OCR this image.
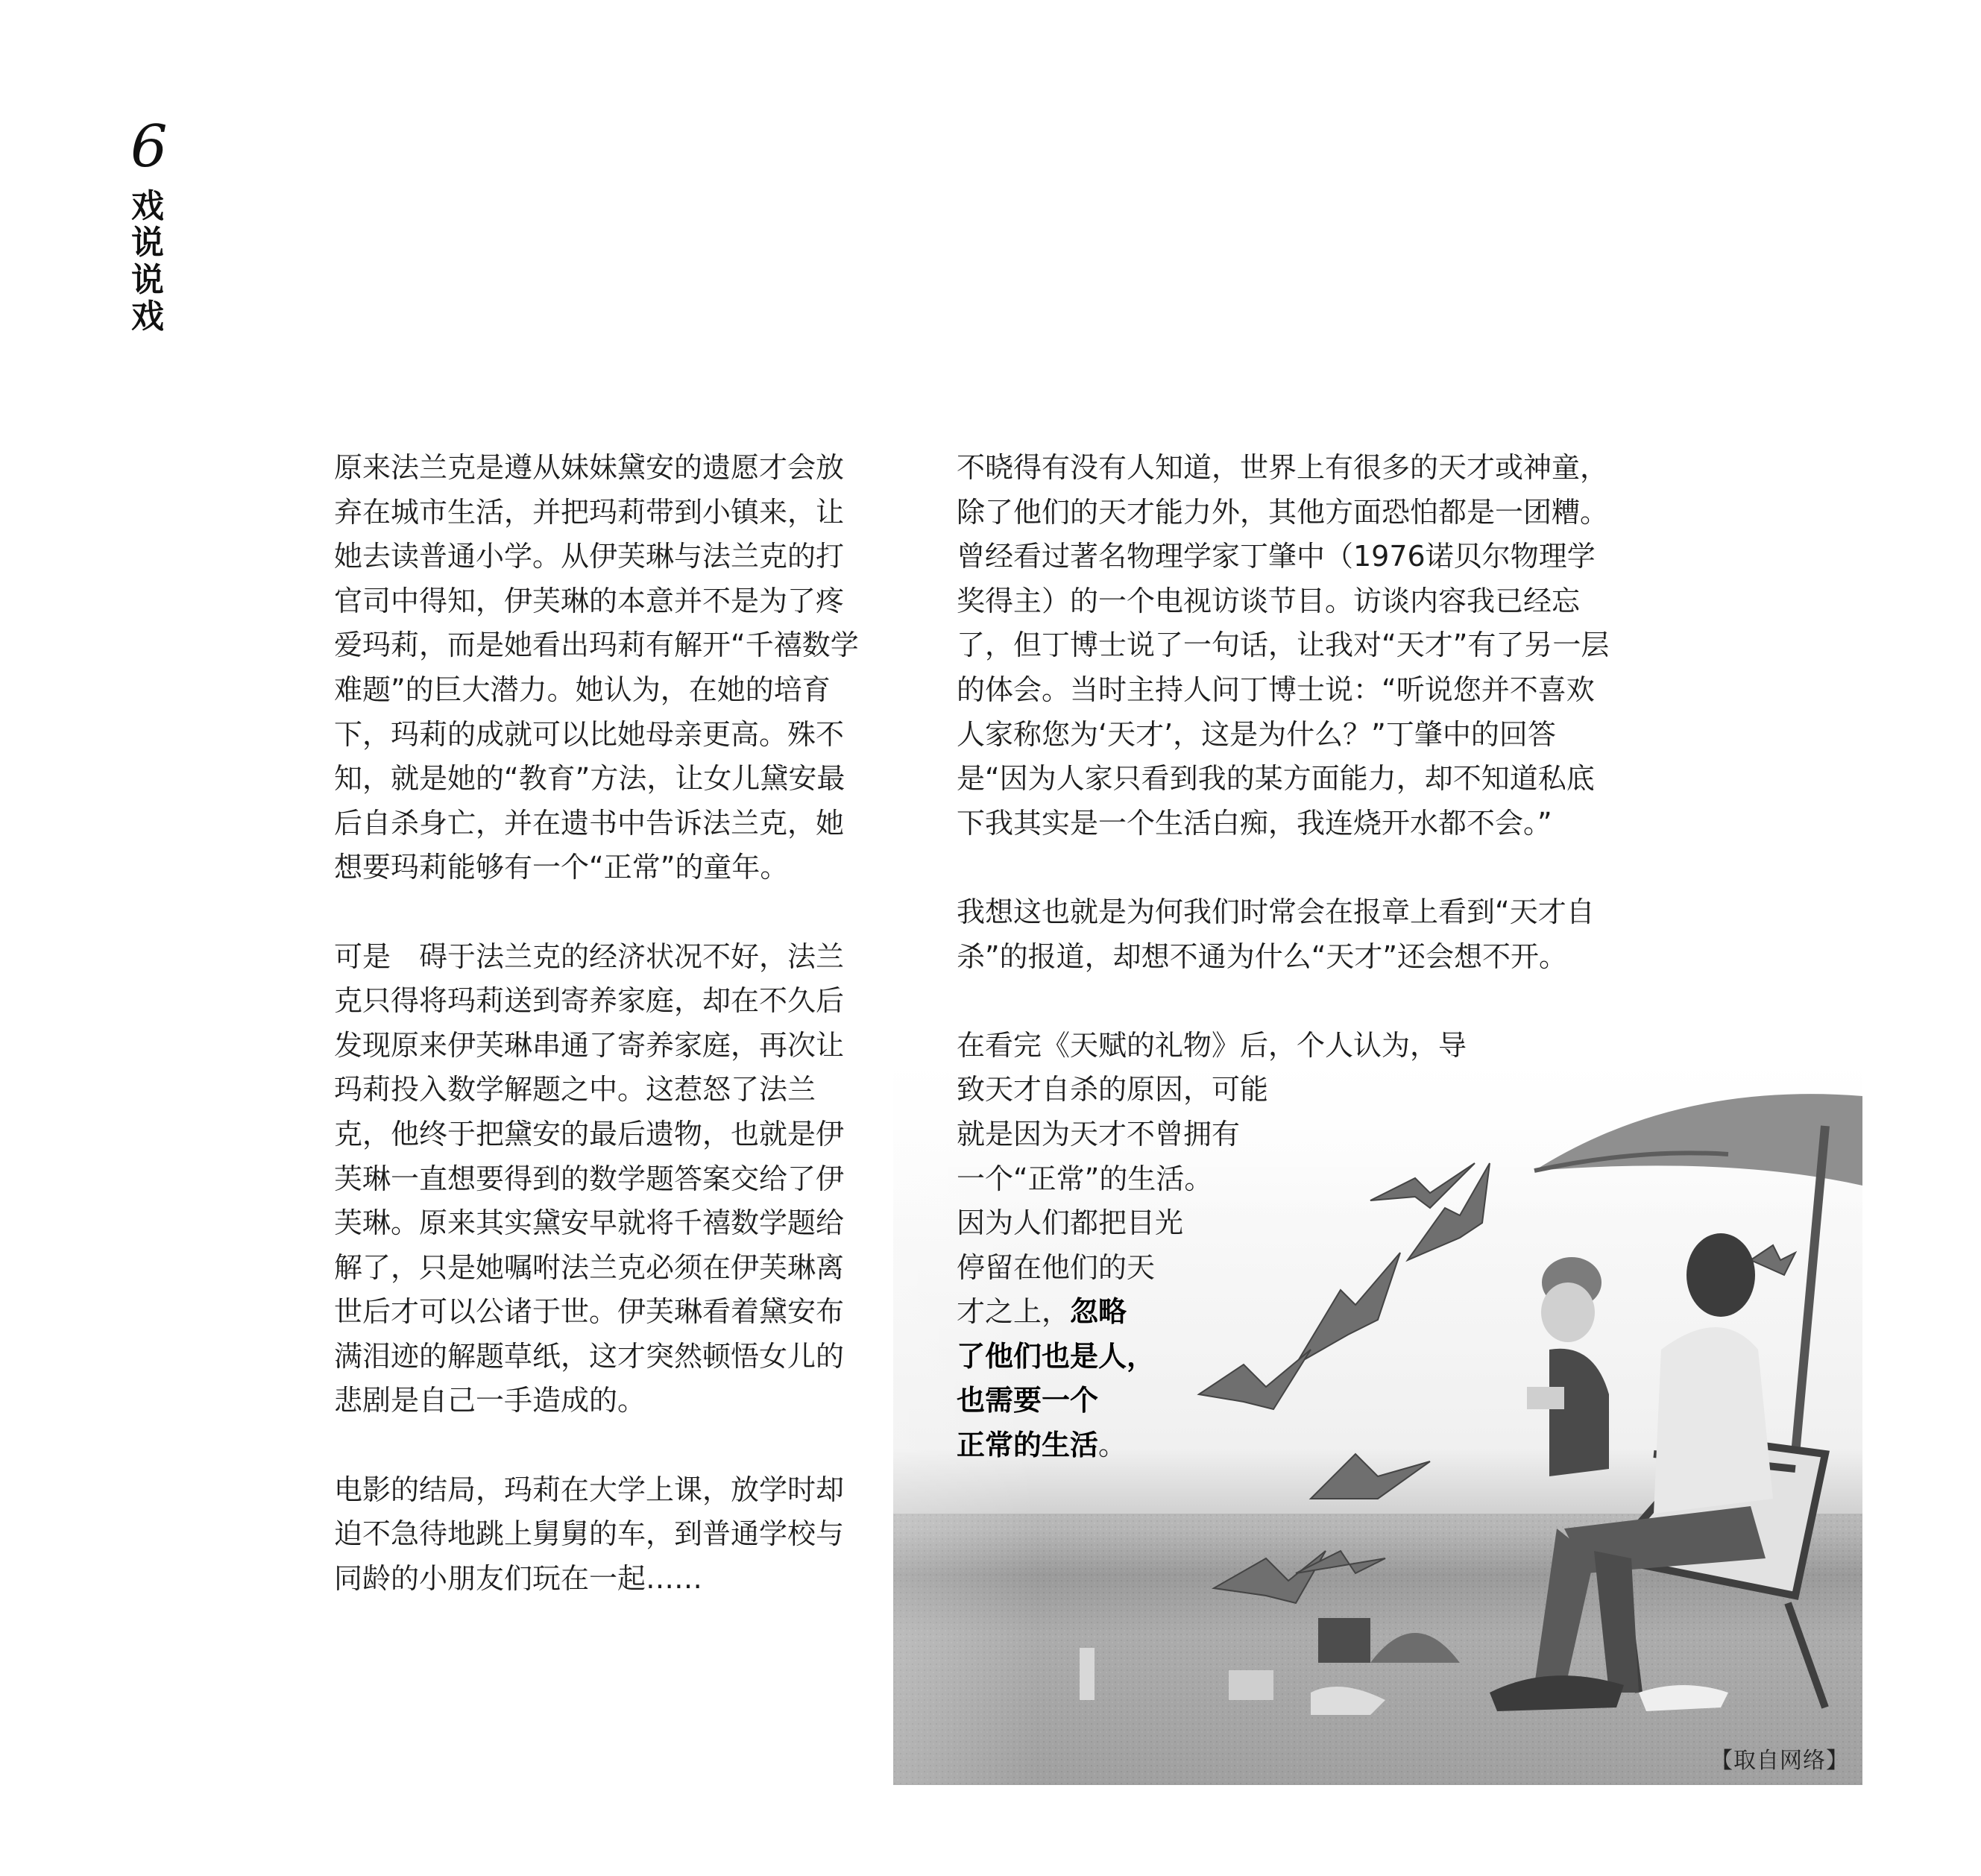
6
戏说说戏

原来法兰克是遵从妹妹黛安的遗愿才会放弃在城市生活，并把玛莉带到小镇来，让她去读普通小学。从伊芙琳与法兰克的打官司中得知，伊芙琳的本意并不是为了疼爱玛莉，而是她看出玛莉有解开“千禧数学难题”的巨大潜力。她认为，在她的培育下，玛莉的成就可以比她母亲更高。殊不知，就是她的“教育”方法，让女儿黛安最后自杀身亡，并在遗书中告诉法兰克，她想要玛莉能够有一个“正常”的童年。

可是 碍于法兰克的经济状况不好，法兰克只得将玛莉送到寄养家庭，却在不久后发现原来伊芙琳串通了寄养家庭，再次让玛莉投入数学解题之中。这惹怒了法兰克，他终于把黛安的最后遗物，也就是伊芙琳一直想要得到的数学题答案交给了伊芙琳。原来其实黛安早就将千禧数学题给解了，只是她嘱咐法兰克必须在伊芙琳离世后才可以公诸于世。伊芙琳看着黛安布满泪迹的解题草纸，这才突然顿悟女儿的悲剧是自己一手造成的。

电影的结局，玛莉在大学上课，放学时却迫不急待地跳上舅舅的车，到普通学校与同龄的小朋友们玩在一起……

【取自网络】

不晓得有没有人知道，世界上有很多的天才或神童，除了他们的天才能力外，其他方面恐怕都是一团糟。曾经看过著名物理学家丁肇中（1976诺贝尔物理学奖得主）的一个电视访谈节目。访谈内容我已经忘了，但丁博士说了一句话，让我对“天才”有了另一层的体会。当时主持人问丁博士说：“听说您并不喜欢人家称您为‘天才’，这是为什么？”丁肇中的回答是“因为人家只看到我的某方面能力，却不知道私底下我其实是一个生活白痴，我连烧开水都不会。”

我想这也就是为何我们时常会在报章上看到“天才自杀”的报道，却想不通为什么“天才”还会想不开。

在看完《天赋的礼物》后，个人认为，导
致天才自杀的原因，可能
就是因为天才不曾拥有
一个“正常”的生活。
因为人们都把目光
停留在他们的天
才之上，忽略
了他们也是人，
也需要一个
正常的生活。
